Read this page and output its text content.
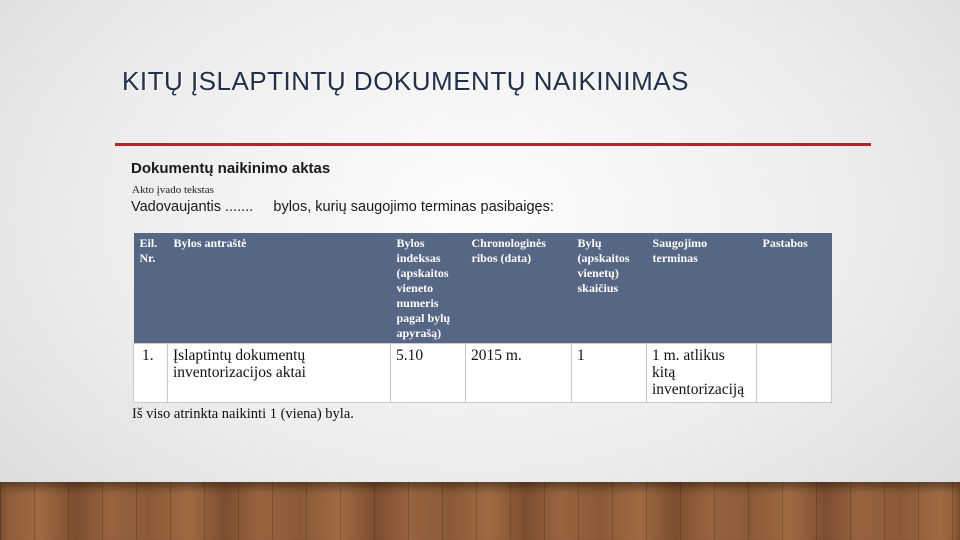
KITŲ ĮSLAPTINTŲ DOKUMENTŲ NAIKINIMAS
Dokumentų naikinimo aktas
Akto įvado tekstas
Vadovaujantis .......     bylos, kurių saugojimo terminas pasibaigęs:
Eil. Nr.	Bylos antraštė	Bylos indeksas (apskaitos vieneto numeris pagal bylų apyrašą)	Chronologinės ribos (data)	Bylų (apskaitos vienetų) skaičius	Saugojimo terminas	Pastabos
1.	Įslaptintų dokumentų inventorizacijos aktai	5.10	2015 m.	1	1 m. atlikus kitą inventorizaciją	
Iš viso atrinkta naikinti 1 (viena) byla.
